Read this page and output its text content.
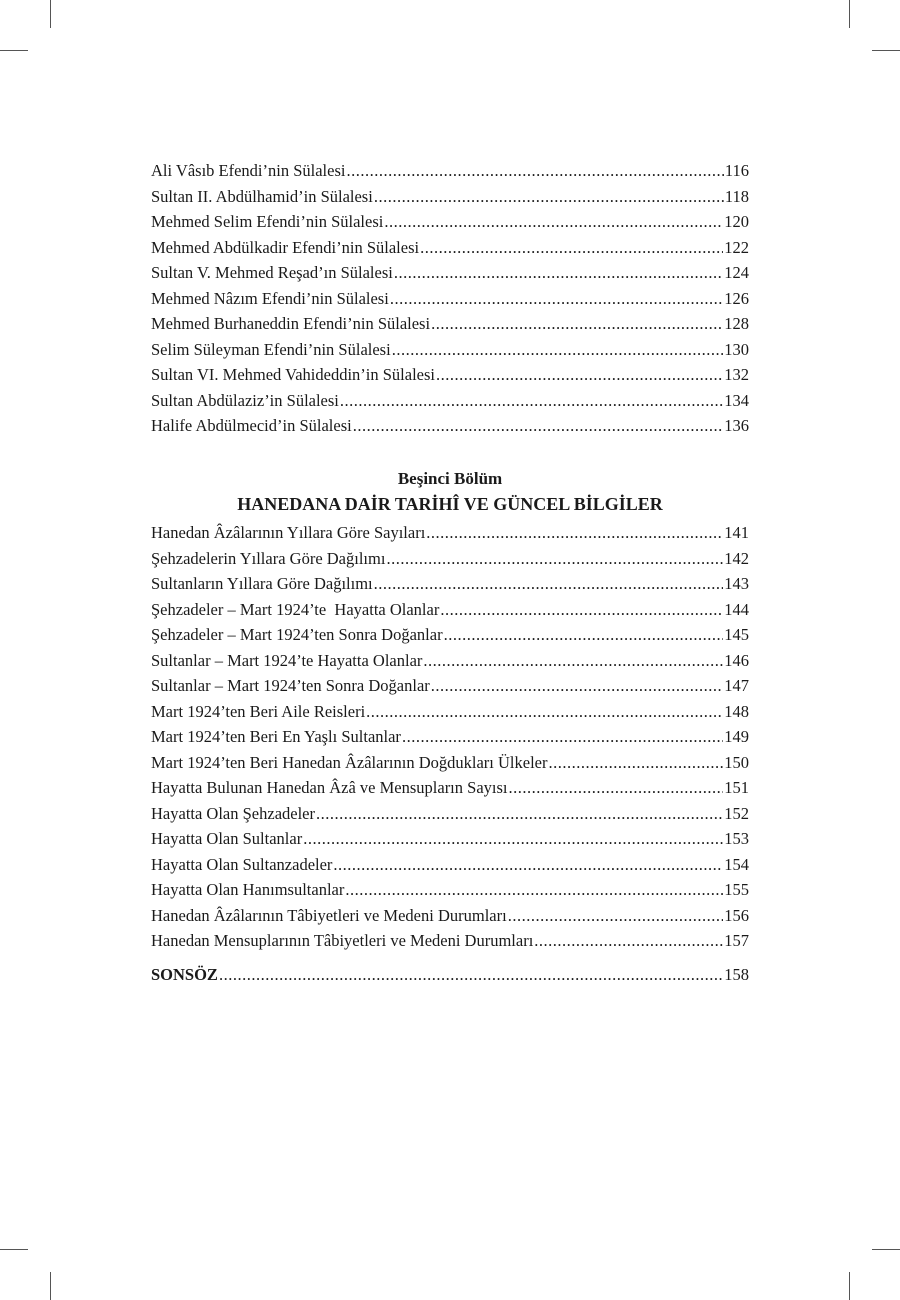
Ali Vâsıb Efendi’nin Sülalesi .....	116
Sultan II. Abdülhamid’in Sülalesi .....	118
Mehmed Selim Efendi’nin Sülalesi .....	120
Mehmed Abdülkadir Efendi’nin Sülalesi .....	122
Sultan V. Mehmed Reşad’ın Sülalesi .....	124
Mehmed Nâzım Efendi’nin Sülalesi .....	126
Mehmed Burhaneddin Efendi’nin Sülalesi .....	128
Selim Süleyman Efendi’nin Sülalesi .....	130
Sultan VI. Mehmed Vahideddin’in Sülalesi .....	132
Sultan Abdülaziz’in Sülalesi .....	134
Halife Abdülmecid’in Sülalesi .....	136
Beşinci Bölüm
HANEDANA DAİR TARİHÎ VE GÜNCEL BİLGİLER
Hanedan Âzâlarının Yıllara Göre Sayıları .....	141
Şehzadelerin Yıllara Göre Dağılımı .....	142
Sultanların Yıllara Göre Dağılımı .....	143
Şehzadeler – Mart 1924’te  Hayatta Olanlar .....	144
Şehzadeler – Mart 1924’ten Sonra Doğanlar .....	145
Sultanlar – Mart 1924’te Hayatta Olanlar .....	146
Sultanlar – Mart 1924’ten Sonra Doğanlar .....	147
Mart 1924’ten Beri Aile Reisleri .....	148
Mart 1924’ten Beri En Yaşlı Sultanlar .....	149
Mart 1924’ten Beri Hanedan Âzâlarının Doğdukları Ülkeler .....	150
Hayatta Bulunan Hanedan Âzâ ve Mensupların Sayısı .....	151
Hayatta Olan Şehzadeler .....	152
Hayatta Olan Sultanlar .....	153
Hayatta Olan Sultanzadeler .....	154
Hayatta Olan Hanımsultanlar .....	155
Hanedan Âzâlarının Tâbiyetleri ve Medeni Durumları .....	156
Hanedan Mensuplarının Tâbiyetleri ve Medeni Durumları .....	157
SONSÖZ .....	158
